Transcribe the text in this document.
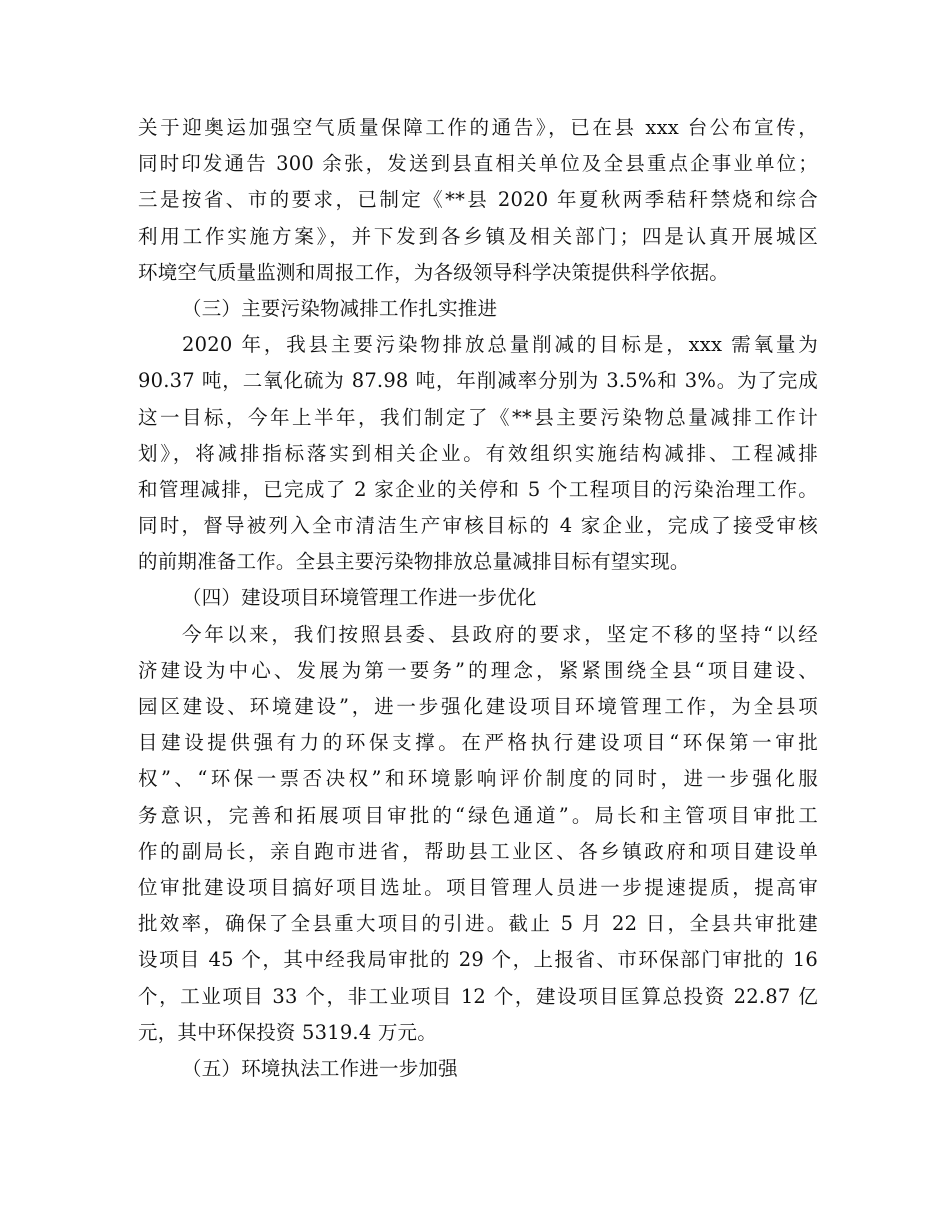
关于迎奥运加强空气质量保障工作的通告》，已在县 xxx 台公布宣传，
同时印发通告 300 余张，发送到县直相关单位及全县重点企事业单位；
三是按省、市的要求，已制定《**县 2020 年夏秋两季秸秆禁烧和综合
利用工作实施方案》，并下发到各乡镇及相关部门；四是认真开展城区
环境空气质量监测和周报工作，为各级领导科学决策提供科学依据。
（三）主要污染物减排工作扎实推进
2020 年，我县主要污染物排放总量削减的目标是，xxx 需氧量为
90.37 吨，二氧化硫为 87.98 吨，年削减率分别为 3.5%和 3%。为了完成
这一目标，今年上半年，我们制定了《**县主要污染物总量减排工作计
划》，将减排指标落实到相关企业。有效组织实施结构减排、工程减排
和管理减排，已完成了 2 家企业的关停和 5 个工程项目的污染治理工作。
同时，督导被列入全市清洁生产审核目标的 4 家企业，完成了接受审核
的前期准备工作。全县主要污染物排放总量减排目标有望实现。
（四）建设项目环境管理工作进一步优化
今年以来，我们按照县委、县政府的要求，坚定不移的坚持“以经
济建设为中心、发展为第一要务”的理念，紧紧围绕全县“项目建设、
园区建设、环境建设”，进一步强化建设项目环境管理工作，为全县项
目建设提供强有力的环保支撑。在严格执行建设项目“环保第一审批
权”、“环保一票否决权”和环境影响评价制度的同时，进一步强化服
务意识，完善和拓展项目审批的“绿色通道”。局长和主管项目审批工
作的副局长，亲自跑市进省，帮助县工业区、各乡镇政府和项目建设单
位审批建设项目搞好项目选址。项目管理人员进一步提速提质，提高审
批效率，确保了全县重大项目的引进。截止 5 月 22 日，全县共审批建
设项目 45 个，其中经我局审批的 29 个，上报省、市环保部门审批的 16
个，工业项目 33 个，非工业项目 12 个，建设项目匡算总投资 22.87 亿
元，其中环保投资 5319.4 万元。
（五）环境执法工作进一步加强
